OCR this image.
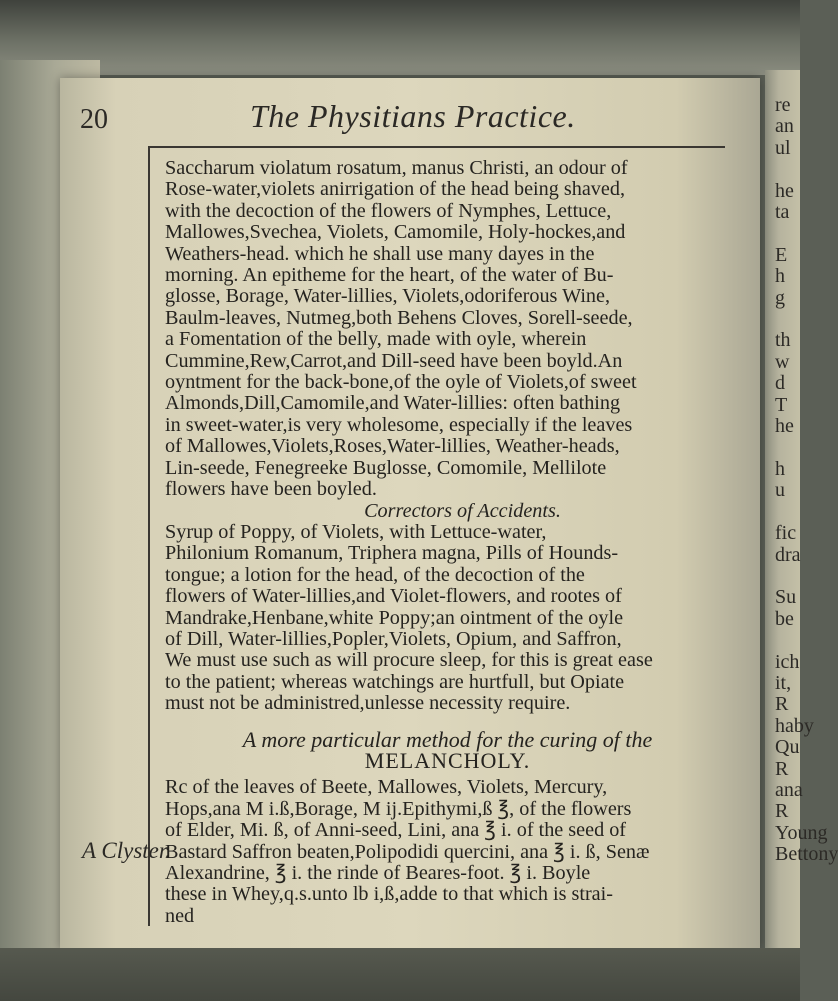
re
an
ul

he
ta

E
h
g

th
w
d
T
he

h
u

fic
dra

Su
be

ich
it,
R
haby
Qu
R
ana
R
Young
Bettony
20	The Physitians Practice.
A Clyster.
Saccharum violatum rosatum, manus Christi, an odour of
Rose-water,violets anirrigation of the head being shaved,
with the decoction of the flowers of Nymphes, Lettuce,
Mallowes,Svechea, Violets, Camomile, Holy-hockes,and
Weathers-head. which he shall use many dayes in the
morning. An epitheme for the heart, of the water of Bu-
glosse, Borage, Water-lillies, Violets,odoriferous Wine,
Baulm-leaves, Nutmeg,both Behens Cloves, Sorell-seede,
a Fomentation of the belly, made with oyle, wherein
Cummine,Rew,Carrot,and Dill-seed have been boyld.An
oyntment for the back-bone,of the oyle of Violets,of sweet
Almonds,Dill,Camomile,and Water-lillies: often bathing
in sweet-water,is very wholesome, especially if the leaves
of Mallowes,Violets,Roses,Water-lillies, Weather-heads,
Lin-seede, Fenegreeke Buglosse, Comomile, Mellilote
flowers have been boyled.
Correctors of Accidents.
Syrup of Poppy, of Violets, with Lettuce-water,
Philonium Romanum, Triphera magna, Pills of Hounds-
tongue; a lotion for the head, of the decoction of the
flowers of Water-lillies,and Violet-flowers, and rootes of
Mandrake,Henbane,white Poppy;an ointment of the oyle
of Dill, Water-lillies,Popler,Violets, Opium, and Saffron,
We must use such as will procure sleep, for this is great ease
to the patient; whereas watchings are hurtfull, but Opiate
must not be administred,unlesse necessity require.
A more particular method for the curing of the
MELANCHOLY.
Rc of the leaves of Beete, Mallowes, Violets, Mercury,
Hops,ana M i.ß,Borage, M ij.Epithymi,ß ℥, of the flowers
of Elder, Mi. ß, of Anni-seed, Lini, ana ℥ i. of the seed of
Bastard Saffron beaten,Polipodidi quercini, ana ℥ i. ß, Senæ
Alexandrine, ℥ i. the rinde of Beares-foot. ℥ i. Boyle
these in Whey,q.s.unto lb i,ß,adde to that which is strai-
ned
